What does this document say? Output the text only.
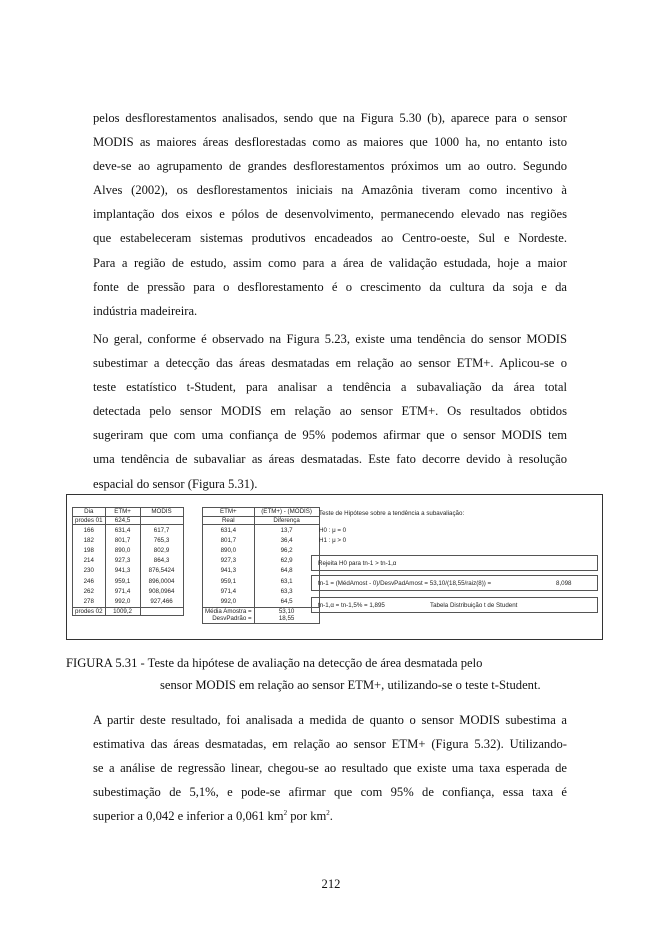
pelos desflorestamentos analisados, sendo que na Figura 5.30 (b), aparece para o sensor
MODIS as maiores áreas desflorestadas como as maiores que 1000 ha, no entanto isto
deve-se ao agrupamento de grandes desflorestamentos próximos um ao outro. Segundo
Alves (2002), os desflorestamentos iniciais na Amazônia tiveram como incentivo à
implantação dos eixos e pólos de desenvolvimento, permanecendo elevado nas regiões
que estabeleceram sistemas produtivos encadeados ao Centro-oeste, Sul e Nordeste.
Para a região de estudo, assim como para a área de validação estudada, hoje a maior
fonte de pressão para o desflorestamento é o crescimento da cultura da soja e da
indústria madeireira.
No geral, conforme é observado na Figura 5.23, existe uma tendência do sensor MODIS
subestimar a detecção das áreas desmatadas em relação ao sensor ETM+. Aplicou-se o
teste estatístico t-Student, para analisar a tendência a subavaliação da área total
detectada pelo sensor MODIS em relação ao sensor ETM+. Os resultados obtidos
sugeriram que com uma confiança de 95% podemos afirmar que o sensor MODIS tem
uma tendência de subavaliar as áreas desmatadas. Este fato decorre devido à resolução
espacial do sensor (Figura 5.31).
Dia	ETM+	MODIS
prodes 01	624,5	
166	631,4	617,7
182	801,7	765,3
198	890,0	802,9
214	927,3	864,3
230	941,3	876,5424
246	959,1	896,0004
262	971,4	908,0964
278	992,0	927,466
prodes 02	1009,2	
ETM+	(ETM+) - (MODIS)
Real	Diferença
631,4	13,7
801,7	36,4
890,0	96,2
927,3	62,9
941,3	64,8
959,1	63,1
971,4	63,3
992,0	64,5
Média Amostra =	53,10
DesvPadrão =	18,55
Teste de Hipótese sobre a tendência a subavaliação:
H0 : μ = 0
H1 : μ > 0
Rejeita H0 para tn-1 > tn-1,α
tn-1 = (MédAmost - 0)/DesvPadAmost = 53,10/(18,55/raiz(8)) =	8,098
tn-1,α = tn-1,5% = 1,895	Tabela Distribuição t de Student
FIGURA 5.31 - Teste da hipótese de avaliação na detecção de área desmatada pelo
sensor MODIS em relação ao sensor ETM+, utilizando-se o teste t-Student.
A partir deste resultado, foi analisada a medida de quanto o sensor MODIS subestima a
estimativa das áreas desmatadas, em relação ao sensor ETM+ (Figura 5.32). Utilizando-
se a análise de regressão linear, chegou-se ao resultado que existe uma taxa esperada de
subestimação de 5,1%, e pode-se afirmar que com 95% de confiança, essa taxa é
superior a 0,042 e inferior a 0,061 $km^2$ por $km^2$.
212
